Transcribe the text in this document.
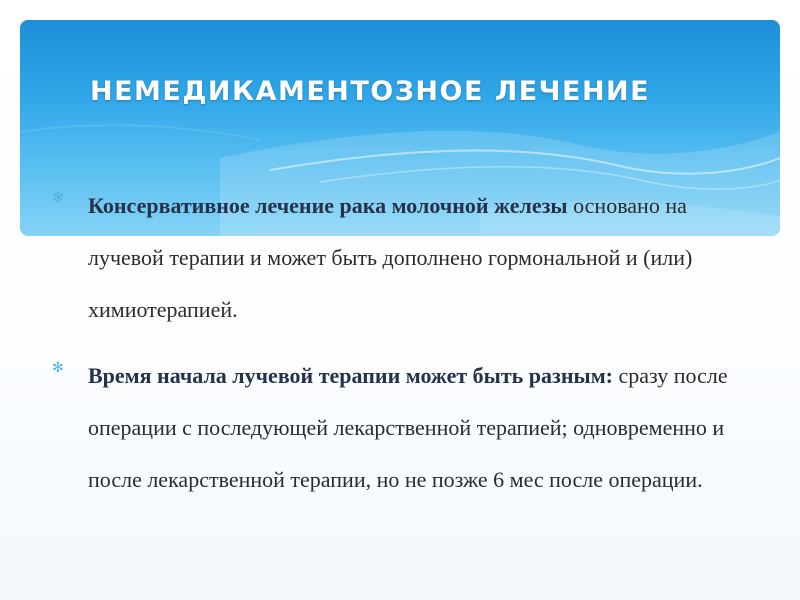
НЕМЕДИКАМЕНТОЗНОЕ ЛЕЧЕНИЕ
✻ Консервативное лечение рака молочной железы основано на лучевой терапии и может быть дополнено гормональной и (или) химиотерапией.
✻ Время начала лучевой терапии может быть разным: сразу после операции с последующей лекарственной терапией; одновременно и после лекарственной терапии, но не позже 6 мес после операции.
